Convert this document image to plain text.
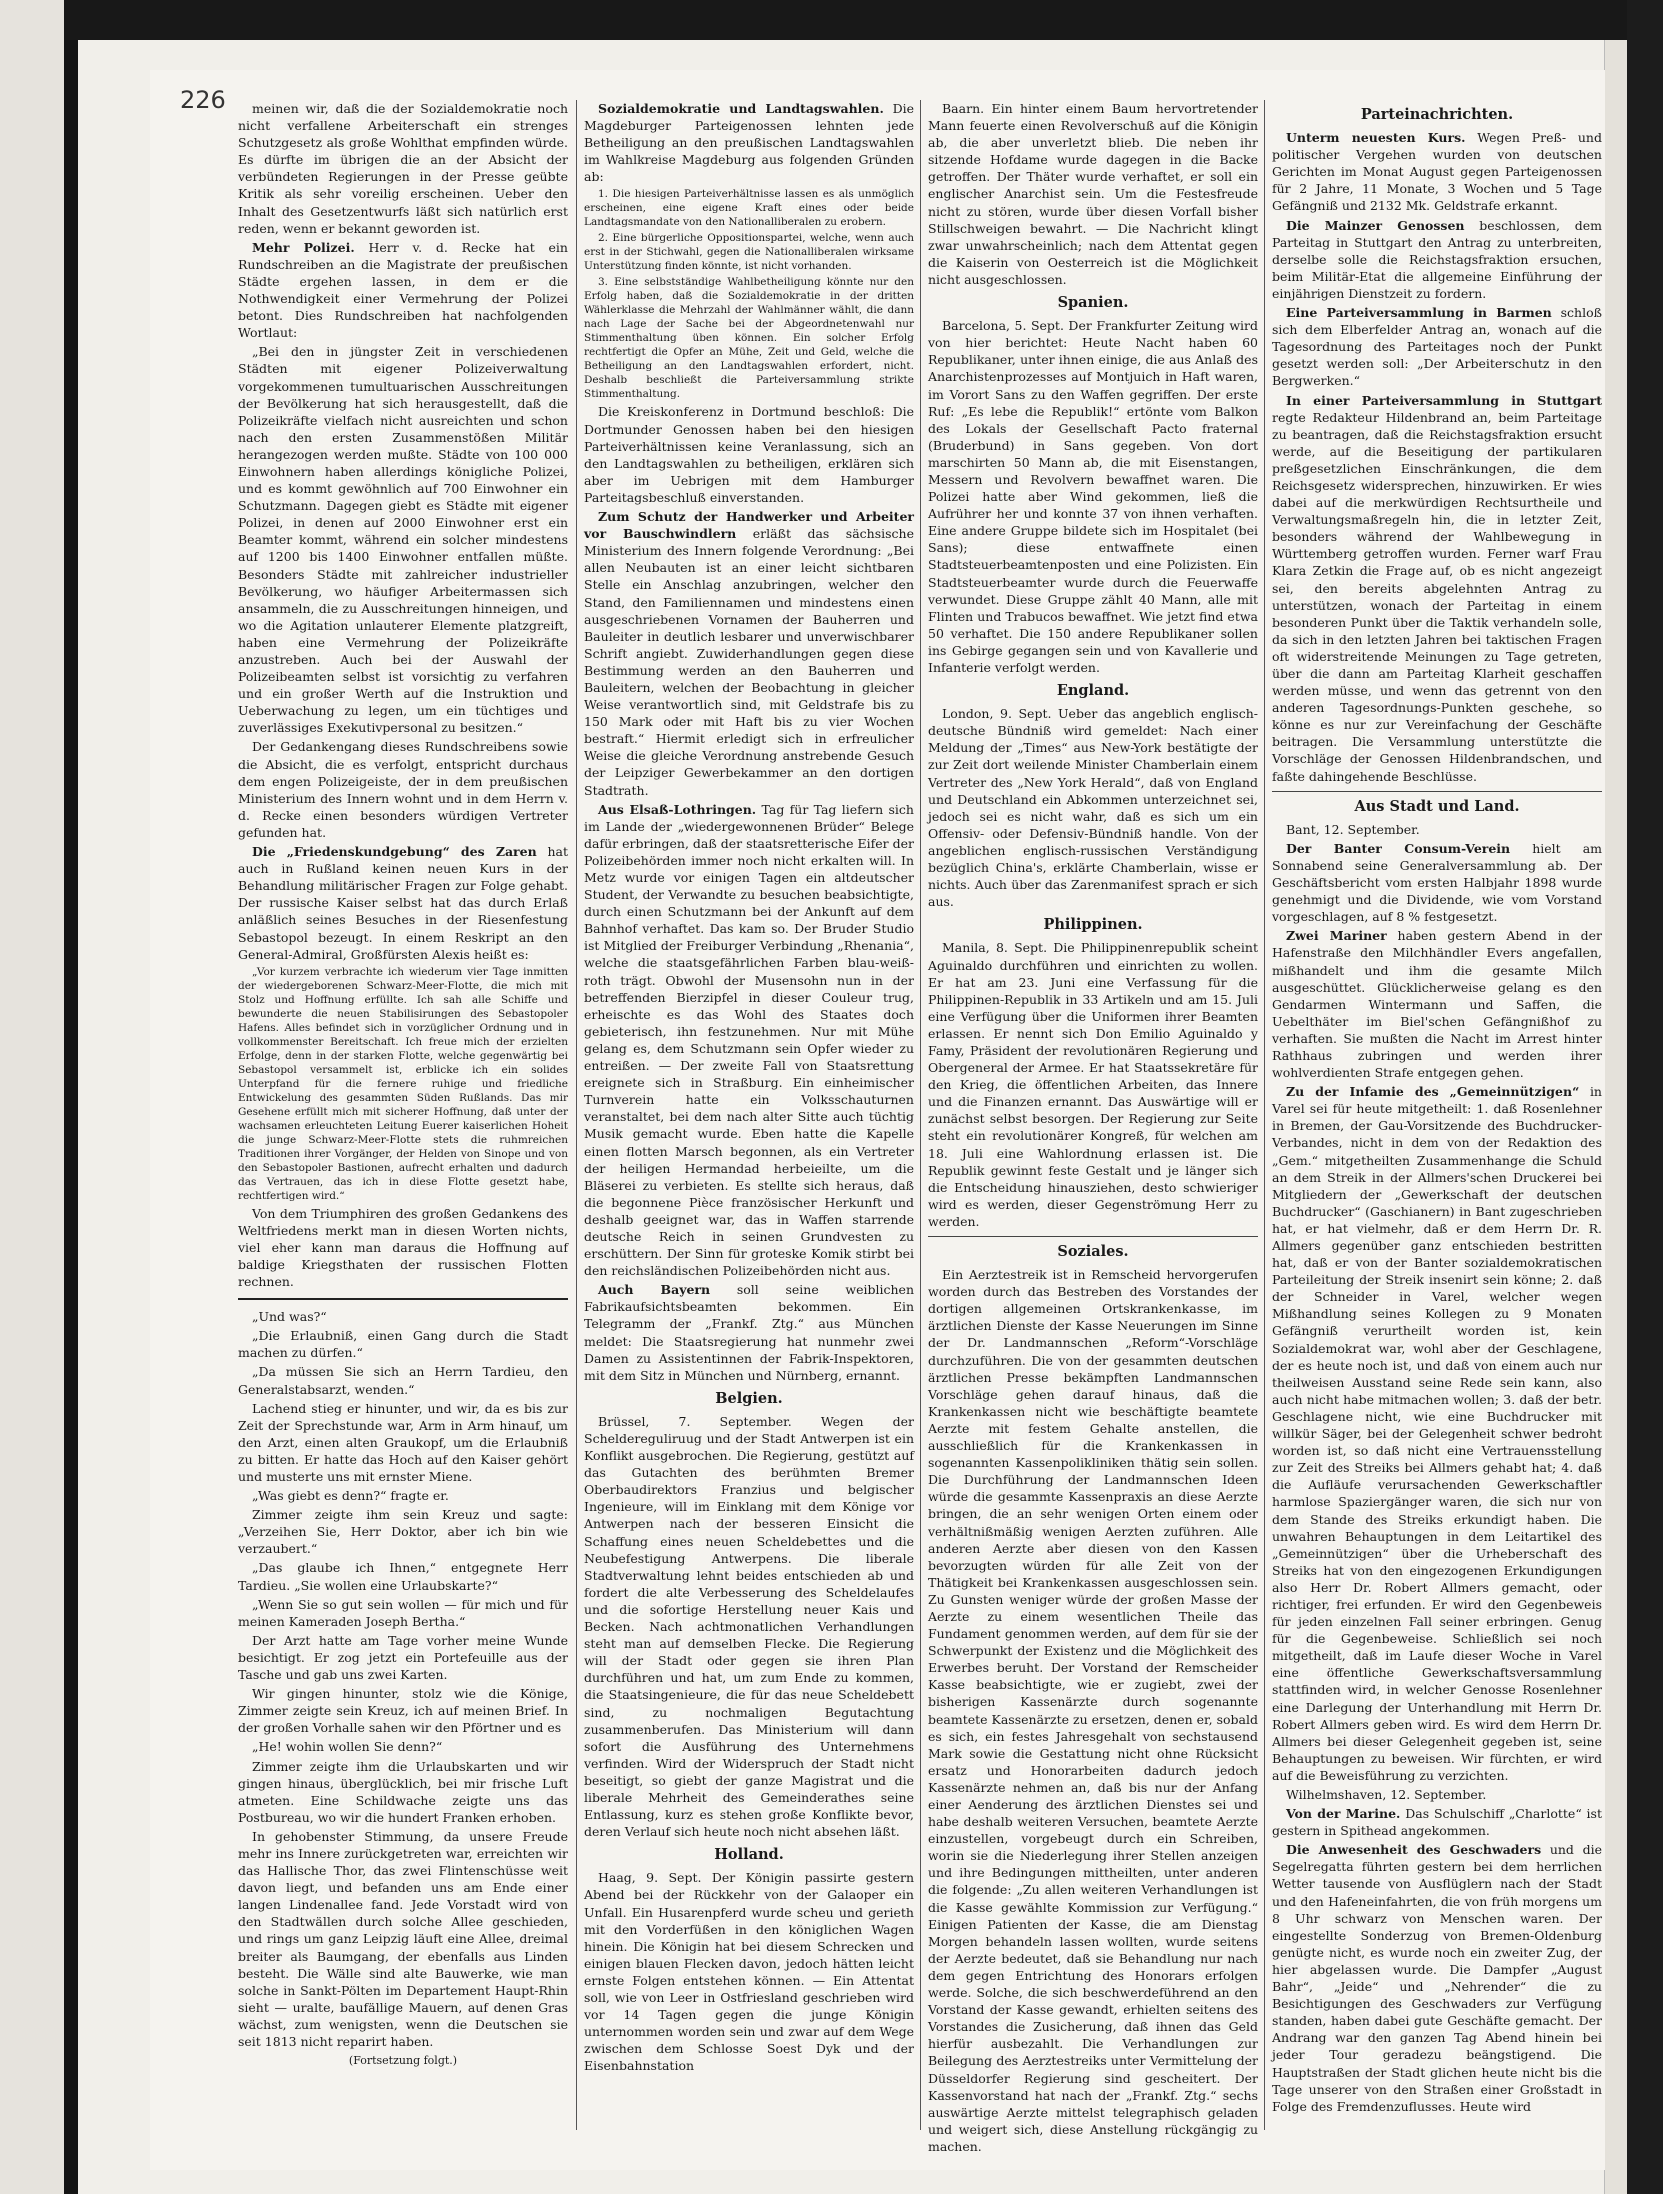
226	meinen wir, daß die der Sozialdemokratie noch nicht verfallene Arbeiterschaft ein strenges Schutzgesetz als große Wohlthat empfinden würde. Es dürfte im übrigen die an der Absicht der verbündeten Regierungen in der Presse geübte Kritik als sehr voreilig erscheinen. Ueber den Inhalt des Gesetzentwurfs läßt sich natürlich erst reden, wenn er bekannt geworden ist.

Mehr Polizei. Herr v. d. Recke hat ein Rundschreiben an die Magistrate der preußischen Städte ergehen lassen, in dem er die Nothwendigkeit einer Vermehrung der Polizei betont. Dies Rundschreiben hat nachfolgenden Wortlaut:

„Bei den in jüngster Zeit in verschiedenen Städten mit eigener Polizeiverwaltung vorgekommenen tumultuarischen Ausschreitungen der Bevölkerung hat sich herausgestellt, daß die Polizeikräfte vielfach nicht ausreichten und schon nach den ersten Zusammenstößen Militär herangezogen werden mußte. Städte von 100 000 Einwohnern haben allerdings königliche Polizei, und es kommt gewöhnlich auf 700 Einwohner ein Schutzmann. Dagegen giebt es Städte mit eigener Polizei, in denen auf 2000 Einwohner erst ein Beamter kommt, während ein solcher mindestens auf 1200 bis 1400 Einwohner entfallen müßte. Besonders Städte mit zahlreicher industrieller Bevölkerung, wo häufiger Arbeitermassen sich ansammeln, die zu Ausschreitungen hinneigen, und wo die Agitation unlauterer Elemente platzgreift, haben eine Vermehrung der Polizeikräfte anzustreben. Auch bei der Auswahl der Polizeibeamten selbst ist vorsichtig zu verfahren und ein großer Werth auf die Instruktion und Ueberwachung zu legen, um ein tüchtiges und zuverlässiges Exekutivpersonal zu besitzen.“

Der Gedankengang dieses Rundschreibens sowie die Absicht, die es verfolgt, entspricht durchaus dem engen Polizeigeiste, der in dem preußischen Ministerium des Innern wohnt und in dem Herrn v. d. Recke einen besonders würdigen Vertreter gefunden hat.

Die „Friedenskundgebung“ des Zaren hat auch in Rußland keinen neuen Kurs in der Behandlung militärischer Fragen zur Folge gehabt. Der russische Kaiser selbst hat das durch Erlaß anläßlich seines Besuches in der Riesenfestung Sebastopol bezeugt. In einem Reskript an den General-Admiral, Großfürsten Alexis heißt es:

„Vor kurzem verbrachte ich wiederum vier Tage inmitten der wiedergeborenen Schwarz-Meer-Flotte, die mich mit Stolz und Hoffnung erfüllte. Ich sah alle Schiffe und bewunderte die neuen Stabilisirungen des Sebastopoler Hafens. Alles befindet sich in vorzüglicher Ordnung und in vollkommenster Bereitschaft. Ich freue mich der erzielten Erfolge, denn in der starken Flotte, welche gegenwärtig bei Sebastopol versammelt ist, erblicke ich ein solides Unterpfand für die fernere ruhige und friedliche Entwickelung des gesammten Süden Rußlands. Das mir Gesehene erfüllt mich mit sicherer Hoffnung, daß unter der wachsamen erleuchteten Leitung Euerer kaiserlichen Hoheit die junge Schwarz-Meer-Flotte stets die ruhmreichen Traditionen ihrer Vorgänger, der Helden von Sinope und von den Sebastopoler Bastionen, aufrecht erhalten und dadurch das Vertrauen, das ich in diese Flotte gesetzt habe, rechtfertigen wird.“

Von dem Triumphiren des großen Gedankens des Weltfriedens merkt man in diesen Worten nichts, viel eher kann man daraus die Hoffnung auf baldige Kriegsthaten der russischen Flotten rechnen.

„Und was?“

„Die Erlaubniß, einen Gang durch die Stadt machen zu dürfen.“

„Da müssen Sie sich an Herrn Tardieu, den Generalstabsarzt, wenden.“

Lachend stieg er hinunter, und wir, da es bis zur Zeit der Sprechstunde war, Arm in Arm hinauf, um den Arzt, einen alten Graukopf, um die Erlaubniß zu bitten. Er hatte das Hoch auf den Kaiser gehört und musterte uns mit ernster Miene.

„Was giebt es denn?“ fragte er.

Zimmer zeigte ihm sein Kreuz und sagte: „Verzeihen Sie, Herr Doktor, aber ich bin wie verzaubert.“

„Das glaube ich Ihnen,“ entgegnete Herr Tardieu. „Sie wollen eine Urlaubskarte?“

„Wenn Sie so gut sein wollen — für mich und für meinen Kameraden Joseph Bertha.“

Der Arzt hatte am Tage vorher meine Wunde besichtigt. Er zog jetzt ein Portefeuille aus der Tasche und gab uns zwei Karten.

Wir gingen hinunter, stolz wie die Könige, Zimmer zeigte sein Kreuz, ich auf meinen Brief. In der großen Vorhalle sahen wir den Pförtner und es

„He! wohin wollen Sie denn?“

Zimmer zeigte ihm die Urlaubskarten und wir gingen hinaus, überglücklich, bei mir frische Luft atmeten. Eine Schildwache zeigte uns das Postbureau, wo wir die hundert Franken erhoben.

In gehobenster Stimmung, da unsere Freude mehr ins Innere zurückgetreten war, erreichten wir das Hallische Thor, das zwei Flintenschüsse weit davon liegt, und befanden uns am Ende einer langen Lindenallee fand. Jede Vorstadt wird von den Stadtwällen durch solche Allee geschieden, und rings um ganz Leipzig läuft eine Allee, dreimal breiter als Baumgang, der ebenfalls aus Linden besteht. Die Wälle sind alte Bauwerke, wie man solche in Sankt-Pölten im Departement Haupt-Rhin sieht — uralte, baufällige Mauern, auf denen Gras wächst, zum wenigsten, wenn die Deutschen sie seit 1813 nicht reparirt haben.

(Fortsetzung folgt.)

Sozialdemokratie und Landtagswahlen. Die Magdeburger Parteigenossen lehnten jede Betheiligung an den preußischen Landtagswahlen im Wahlkreise Magdeburg aus folgenden Gründen ab:

1. Die hiesigen Parteiverhältnisse lassen es als unmöglich erscheinen, eine eigene Kraft eines oder beide Landtagsmandate von den Nationalliberalen zu erobern.

2. Eine bürgerliche Oppositionspartei, welche, wenn auch erst in der Stichwahl, gegen die Nationalliberalen wirksame Unterstützung finden könnte, ist nicht vorhanden.

3. Eine selbstständige Wahlbetheiligung könnte nur den Erfolg haben, daß die Sozialdemokratie in der dritten Wählerklasse die Mehrzahl der Wahlmänner wählt, die dann nach Lage der Sache bei der Abgeordnetenwahl nur Stimmenthaltung üben können. Ein solcher Erfolg rechtfertigt die Opfer an Mühe, Zeit und Geld, welche die Betheiligung an den Landtagswahlen erfordert, nicht. Deshalb beschließt die Parteiversammlung strikte Stimmenthaltung.

Die Kreiskonferenz in Dortmund beschloß: Die Dortmunder Genossen haben bei den hiesigen Parteiverhältnissen keine Veranlassung, sich an den Landtagswahlen zu betheiligen, erklären sich aber im Uebrigen mit dem Hamburger Parteitagsbeschluß einverstanden.

Zum Schutz der Handwerker und Arbeiter vor Bauschwindlern erläßt das sächsische Ministerium des Innern folgende Verordnung: „Bei allen Neubauten ist an einer leicht sichtbaren Stelle ein Anschlag anzubringen, welcher den Stand, den Familiennamen und mindestens einen ausgeschriebenen Vornamen der Bauherren und Bauleiter in deutlich lesbarer und unverwischbarer Schrift angiebt. Zuwiderhandlungen gegen diese Bestimmung werden an den Bauherren und Bauleitern, welchen der Beobachtung in gleicher Weise verantwortlich sind, mit Geldstrafe bis zu 150 Mark oder mit Haft bis zu vier Wochen bestraft.“ Hiermit erledigt sich in erfreulicher Weise die gleiche Verordnung anstrebende Gesuch der Leipziger Gewerbekammer an den dortigen Stadtrath.

Aus Elsaß-Lothringen. Tag für Tag liefern sich im Lande der „wiedergewonnenen Brüder“ Belege dafür erbringen, daß der staatsretterische Eifer der Polizeibehörden immer noch nicht erkalten will. In Metz wurde vor einigen Tagen ein altdeutscher Student, der Verwandte zu besuchen beabsichtigte, durch einen Schutzmann bei der Ankunft auf dem Bahnhof verhaftet. Das kam so. Der Bruder Studio ist Mitglied der Freiburger Verbindung „Rhenania“, welche die staatsgefährlichen Farben blau-weiß-roth trägt. Obwohl der Musensohn nun in der betreffenden Bierzipfel in dieser Couleur trug, erheischte es das Wohl des Staates doch gebieterisch, ihn festzunehmen. Nur mit Mühe gelang es, dem Schutzmann sein Opfer wieder zu entreißen. — Der zweite Fall von Staatsrettung ereignete sich in Straßburg. Ein einheimischer Turnverein hatte ein Volksschauturnen veranstaltet, bei dem nach alter Sitte auch tüchtig Musik gemacht wurde. Eben hatte die Kapelle einen flotten Marsch begonnen, als ein Vertreter der heiligen Hermandad herbeieilte, um die Bläserei zu verbieten. Es stellte sich heraus, daß die begonnene Pièce französischer Herkunft und deshalb geeignet war, das in Waffen starrende deutsche Reich in seinen Grundvesten zu erschüttern. Der Sinn für groteske Komik stirbt bei den reichsländischen Polizeibehörden nicht aus.

Auch Bayern soll seine weiblichen Fabrikaufsichtsbeamten bekommen. Ein Telegramm der „Frankf. Ztg.“ aus München meldet: Die Staatsregierung hat nunmehr zwei Damen zu Assistentinnen der Fabrik-Inspektoren, mit dem Sitz in München und Nürnberg, ernannt.

Belgien.

Brüssel, 7. September. Wegen der Scheldereguliruug und der Stadt Antwerpen ist ein Konflikt ausgebrochen. Die Regierung, gestützt auf das Gutachten des berühmten Bremer Oberbaudirektors Franzius und belgischer Ingenieure, will im Einklang mit dem Könige vor Antwerpen nach der besseren Einsicht die Schaffung eines neuen Scheldebettes und die Neubefestigung Antwerpens. Die liberale Stadtverwaltung lehnt beides entschieden ab und fordert die alte Verbesserung des Scheldelaufes und die sofortige Herstellung neuer Kais und Becken. Nach achtmonatlichen Verhandlungen steht man auf demselben Flecke. Die Regierung will der Stadt oder gegen sie ihren Plan durchführen und hat, um zum Ende zu kommen, die Staatsingenieure, die für das neue Scheldebett sind, zu nochmaligen Begutachtung zusammenberufen. Das Ministerium will dann sofort die Ausführung des Unternehmens verfinden. Wird der Widerspruch der Stadt nicht beseitigt, so giebt der ganze Magistrat und die liberale Mehrheit des Gemeinderathes seine Entlassung, kurz es stehen große Konflikte bevor, deren Verlauf sich heute noch nicht absehen läßt.

Holland.

Haag, 9. Sept. Der Königin passirte gestern Abend bei der Rückkehr von der Galaoper ein Unfall. Ein Husarenpferd wurde scheu und gerieth mit den Vorderfüßen in den königlichen Wagen hinein. Die Königin hat bei diesem Schrecken und einigen blauen Flecken davon, jedoch hätten leicht ernste Folgen entstehen können. — Ein Attentat soll, wie von Leer in Ostfriesland geschrieben wird vor 14 Tagen gegen die junge Königin unternommen worden sein und zwar auf dem Wege zwischen dem Schlosse Soest Dyk und der Eisenbahnstation

Baarn. Ein hinter einem Baum hervortretender Mann feuerte einen Revolverschuß auf die Königin ab, die aber unverletzt blieb. Die neben ihr sitzende Hofdame wurde dagegen in die Backe getroffen. Der Thäter wurde verhaftet, er soll ein englischer Anarchist sein. Um die Festesfreude nicht zu stören, wurde über diesen Vorfall bisher Stillschweigen bewahrt. — Die Nachricht klingt zwar unwahrscheinlich; nach dem Attentat gegen die Kaiserin von Oesterreich ist die Möglichkeit nicht ausgeschlossen.

Spanien.

Barcelona, 5. Sept. Der Frankfurter Zeitung wird von hier berichtet: Heute Nacht haben 60 Republikaner, unter ihnen einige, die aus Anlaß des Anarchistenprozesses auf Montjuich in Haft waren, im Vorort Sans zu den Waffen gegriffen. Der erste Ruf: „Es lebe die Republik!“ ertönte vom Balkon des Lokals der Gesellschaft Pacto fraternal (Bruderbund) in Sans gegeben. Von dort marschirten 50 Mann ab, die mit Eisenstangen, Messern und Revolvern bewaffnet waren. Die Polizei hatte aber Wind gekommen, ließ die Aufrührer her und konnte 37 von ihnen verhaften. Eine andere Gruppe bildete sich im Hospitalet (bei Sans); diese entwaffnete einen Stadtsteuerbeamtenposten und eine Polizisten. Ein Stadtsteuerbeamter wurde durch die Feuerwaffe verwundet. Diese Gruppe zählt 40 Mann, alle mit Flinten und Trabucos bewaffnet. Wie jetzt find etwa 50 verhaftet. Die 150 andere Republikaner sollen ins Gebirge gegangen sein und von Kavallerie und Infanterie verfolgt werden.

England.

London, 9. Sept. Ueber das angeblich englisch-deutsche Bündniß wird gemeldet: Nach einer Meldung der „Times“ aus New-York bestätigte der zur Zeit dort weilende Minister Chamberlain einem Vertreter des „New York Herald“, daß von England und Deutschland ein Abkommen unterzeichnet sei, jedoch sei es nicht wahr, daß es sich um ein Offensiv- oder Defensiv-Bündniß handle. Von der angeblichen englisch-russischen Verständigung bezüglich China's, erklärte Chamberlain, wisse er nichts. Auch über das Zarenmanifest sprach er sich aus.

Philippinen.

Manila, 8. Sept. Die Philippinenrepublik scheint Aguinaldo durchführen und einrichten zu wollen. Er hat am 23. Juni eine Verfassung für die Philippinen-Republik in 33 Artikeln und am 15. Juli eine Verfügung über die Uniformen ihrer Beamten erlassen. Er nennt sich Don Emilio Aguinaldo y Famy, Präsident der revolutionären Regierung und Obergeneral der Armee. Er hat Staatssekretäre für den Krieg, die öffentlichen Arbeiten, das Innere und die Finanzen ernannt. Das Auswärtige will er zunächst selbst besorgen. Der Regierung zur Seite steht ein revolutionärer Kongreß, für welchen am 18. Juli eine Wahlordnung erlassen ist. Die Republik gewinnt feste Gestalt und je länger sich die Entscheidung hinausziehen, desto schwieriger wird es werden, dieser Gegenströmung Herr zu werden.

Soziales.

Ein Aerztestreik ist in Remscheid hervorgerufen worden durch das Bestreben des Vorstandes der dortigen allgemeinen Ortskrankenkasse, im ärztlichen Dienste der Kasse Neuerungen im Sinne der Dr. Landmannschen „Reform“-Vorschläge durchzuführen. Die von der gesammten deutschen ärztlichen Presse bekämpften Landmannschen Vorschläge gehen darauf hinaus, daß die Krankenkassen nicht wie beschäftigte beamtete Aerzte mit festem Gehalte anstellen, die ausschließlich für die Krankenkassen in sogenannten Kassenpolikliniken thätig sein sollen. Die Durchführung der Landmannschen Ideen würde die gesammte Kassenpraxis an diese Aerzte bringen, die an sehr wenigen Orten einem oder verhältnißmäßig wenigen Aerzten zuführen. Alle anderen Aerzte aber diesen von den Kassen bevorzugten würden für alle Zeit von der Thätigkeit bei Krankenkassen ausgeschlossen sein. Zu Gunsten weniger würde der großen Masse der Aerzte zu einem wesentlichen Theile das Fundament genommen werden, auf dem für sie der Schwerpunkt der Existenz und die Möglichkeit des Erwerbes beruht. Der Vorstand der Remscheider Kasse beabsichtigte, wie er zugiebt, zwei der bisherigen Kassenärzte durch sogenannte beamtete Kassenärzte zu ersetzen, denen er, sobald es sich, ein festes Jahresgehalt von sechstausend Mark sowie die Gestattung nicht ohne Rücksicht ersatz und Honorarbeiten dadurch jedoch Kassenärzte nehmen an, daß bis nur der Anfang einer Aenderung des ärztlichen Dienstes sei und habe deshalb weiteren Versuchen, beamtete Aerzte einzustellen, vorgebeugt durch ein Schreiben, worin sie die Niederlegung ihrer Stellen anzeigen und ihre Bedingungen mittheilten, unter anderen die folgende: „Zu allen weiteren Verhandlungen ist die Kasse gewählte Kommission zur Verfügung.“ Einigen Patienten der Kasse, die am Dienstag Morgen behandeln lassen wollten, wurde seitens der Aerzte bedeutet, daß sie Behandlung nur nach dem gegen Entrichtung des Honorars erfolgen werde. Solche, die sich beschwerdeführend an den Vorstand der Kasse gewandt, erhielten seitens des Vorstandes die Zusicherung, daß ihnen das Geld hierfür ausbezahlt. Die Verhandlungen zur Beilegung des Aerztestreiks unter Vermittelung der Düsseldorfer Regierung sind gescheitert. Der Kassenvorstand hat nach der „Frankf. Ztg.“ sechs auswärtige Aerzte mittelst telegraphisch geladen und weigert sich, diese Anstellung rückgängig zu machen.

Parteinachrichten.

Unterm neuesten Kurs. Wegen Preß- und politischer Vergehen wurden von deutschen Gerichten im Monat August gegen Parteigenossen für 2 Jahre, 11 Monate, 3 Wochen und 5 Tage Gefängniß und 2132 Mk. Geldstrafe erkannt.

Die Mainzer Genossen beschlossen, dem Parteitag in Stuttgart den Antrag zu unterbreiten, derselbe solle die Reichstagsfraktion ersuchen, beim Militär-Etat die allgemeine Einführung der einjährigen Dienstzeit zu fordern.

Eine Parteiversammlung in Barmen schloß sich dem Elberfelder Antrag an, wonach auf die Tagesordnung des Parteitages noch der Punkt gesetzt werden soll: „Der Arbeiterschutz in den Bergwerken.“

In einer Parteiversammlung in Stuttgart regte Redakteur Hildenbrand an, beim Parteitage zu beantragen, daß die Reichstagsfraktion ersucht werde, auf die Beseitigung der partikularen preßgesetzlichen Einschränkungen, die dem Reichsgesetz widersprechen, hinzuwirken. Er wies dabei auf die merkwürdigen Rechtsurtheile und Verwaltungsmaßregeln hin, die in letzter Zeit, besonders während der Wahlbewegung in Württemberg getroffen wurden. Ferner warf Frau Klara Zetkin die Frage auf, ob es nicht angezeigt sei, den bereits abgelehnten Antrag zu unterstützen, wonach der Parteitag in einem besonderen Punkt über die Taktik verhandeln solle, da sich in den letzten Jahren bei taktischen Fragen oft widerstreitende Meinungen zu Tage getreten, über die dann am Parteitag Klarheit geschaffen werden müsse, und wenn das getrennt von den anderen Tagesordnungs-Punkten geschehe, so könne es nur zur Vereinfachung der Geschäfte beitragen. Die Versammlung unterstützte die Vorschläge der Genossen Hildenbrandschen, und faßte dahingehende Beschlüsse.

Aus Stadt und Land.

Bant, 12. September.

Der Banter Consum-Verein hielt am Sonnabend seine Generalversammlung ab. Der Geschäftsbericht vom ersten Halbjahr 1898 wurde genehmigt und die Dividende, wie vom Vorstand vorgeschlagen, auf 8 % festgesetzt.

Zwei Mariner haben gestern Abend in der Hafenstraße den Milchhändler Evers angefallen, mißhandelt und ihm die gesamte Milch ausgeschüttet. Glücklicherweise gelang es den Gendarmen Wintermann und Saffen, die Uebelthäter im Biel'schen Gefängnißhof zu verhaften. Sie mußten die Nacht im Arrest hinter Rathhaus zubringen und werden ihrer wohlverdienten Strafe entgegen gehen.

Zu der Infamie des „Gemeinnützigen“ in Varel sei für heute mitgetheilt: 1. daß Rosenlehner in Bremen, der Gau-Vorsitzende des Buchdrucker-Verbandes, nicht in dem von der Redaktion des „Gem.“ mitgetheilten Zusammenhange die Schuld an dem Streik in der Allmers'schen Druckerei bei Mitgliedern der „Gewerkschaft der deutschen Buchdrucker“ (Gaschianern) in Bant zugeschrieben hat, er hat vielmehr, daß er dem Herrn Dr. R. Allmers gegenüber ganz entschieden bestritten hat, daß er von der Banter sozialdemokratischen Parteileitung der Streik insenirt sein könne; 2. daß der Schneider in Varel, welcher wegen Mißhandlung seines Kollegen zu 9 Monaten Gefängniß verurtheilt worden ist, kein Sozialdemokrat war, wohl aber der Geschlagene, der es heute noch ist, und daß von einem auch nur theilweisen Ausstand seine Rede sein kann, also auch nicht habe mitmachen wollen; 3. daß der betr. Geschlagene nicht, wie eine Buchdrucker mit willkür Säger, bei der Gelegenheit schwer bedroht worden ist, so daß nicht eine Vertrauensstellung zur Zeit des Streiks bei Allmers gehabt hat; 4. daß die Aufläufe verursachenden Gewerkschaftler harmlose Spaziergänger waren, die sich nur von dem Stande des Streiks erkundigt haben. Die unwahren Behauptungen in dem Leitartikel des „Gemeinnützigen“ über die Urheberschaft des Streiks hat von den eingezogenen Erkundigungen also Herr Dr. Robert Allmers gemacht, oder richtiger, frei erfunden. Er wird den Gegenbeweis für jeden einzelnen Fall seiner erbringen. Genug für die Gegenbeweise. Schließlich sei noch mitgetheilt, daß im Laufe dieser Woche in Varel eine öffentliche Gewerkschaftsversammlung stattfinden wird, in welcher Genosse Rosenlehner eine Darlegung der Unterhandlung mit Herrn Dr. Robert Allmers geben wird. Es wird dem Herrn Dr. Allmers bei dieser Gelegenheit gegeben ist, seine Behauptungen zu beweisen. Wir fürchten, er wird auf die Beweisführung zu verzichten.

Wilhelmshaven, 12. September.

Von der Marine. Das Schulschiff „Charlotte“ ist gestern in Spithead angekommen.

Die Anwesenheit des Geschwaders und die Segelregatta führten gestern bei dem herrlichen Wetter tausende von Ausflüglern nach der Stadt und den Hafeneinfahrten, die von früh morgens um 8 Uhr schwarz von Menschen waren. Der eingestellte Sonderzug von Bremen-Oldenburg genügte nicht, es wurde noch ein zweiter Zug, der hier abgelassen wurde. Die Dampfer „August Bahr“, „Jeide“ und „Nehrender“ die zu Besichtigungen des Geschwaders zur Verfügung standen, haben dabei gute Geschäfte gemacht. Der Andrang war den ganzen Tag Abend hinein bei jeder Tour geradezu beängstigend. Die Hauptstraßen der Stadt glichen heute nicht bis die Tage unserer von den Straßen einer Großstadt in Folge des Fremdenzuflusses. Heute wird
